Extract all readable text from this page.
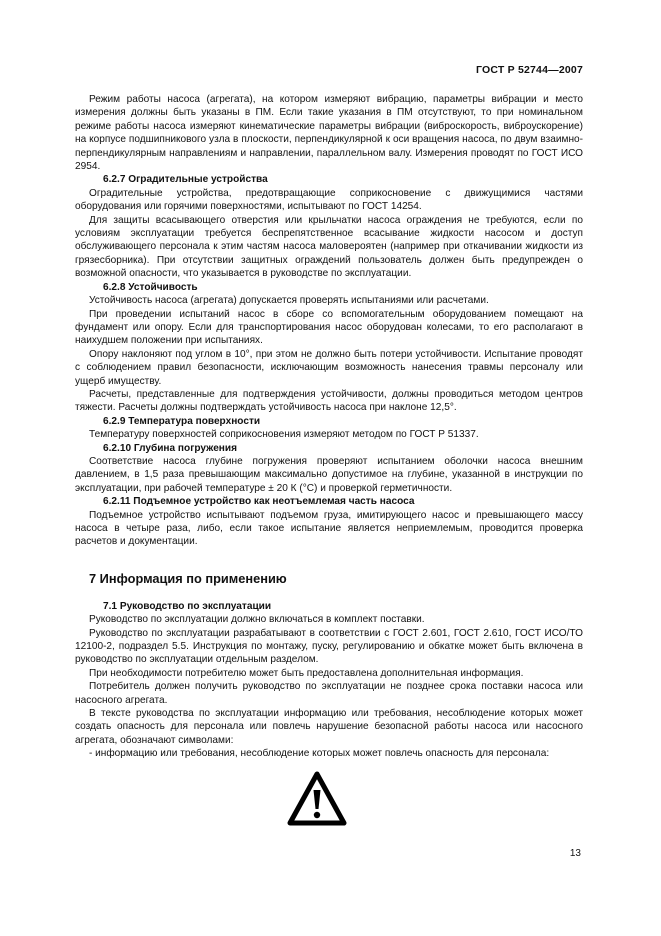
ГОСТ Р 52744—2007

Режим работы насоса (агрегата), на котором измеряют вибрацию, параметры вибрации и место измерения должны быть указаны в ПМ. Если такие указания в ПМ отсутствуют, то при номинальном режиме работы насоса измеряют кинематические параметры вибрации (виброскорость, виброускорение) на корпусе подшипникового узла в плоскости, перпендикулярной к оси вращения насоса, по двум взаимно-перпендикулярным направлениям и направлении, параллельном валу. Измерения проводят по ГОСТ ИСО 2954.

6.2.7 Оградительные устройства

Оградительные устройства, предотвращающие соприкосновение с движущимися частями оборудования или горячими поверхностями, испытывают по ГОСТ 14254.

Для защиты всасывающего отверстия или крыльчатки насоса ограждения не требуются, если по условиям эксплуатации требуется беспрепятственное всасывание жидкости насосом и доступ обслуживающего персонала к этим частям насоса маловероятен (например при откачивании жидкости из грязесборника). При отсутствии защитных ограждений пользователь должен быть предупрежден о возможной опасности, что указывается в руководстве по эксплуатации.

6.2.8 Устойчивость

Устойчивость насоса (агрегата) допускается проверять испытаниями или расчетами.

При проведении испытаний насос в сборе со вспомогательным оборудованием помещают на фундамент или опору. Если для транспортирования насос оборудован колесами, то его располагают в наихудшем положении при испытаниях.

Опору наклоняют под углом в 10°, при этом не должно быть потери устойчивости. Испытание проводят с соблюдением правил безопасности, исключающим возможность нанесения травмы персоналу или ущерб имуществу.

Расчеты, представленные для подтверждения устойчивости, должны проводиться методом центров тяжести. Расчеты должны подтверждать устойчивость насоса при наклоне 12,5°.

6.2.9 Температура поверхности

Температуру поверхностей соприкосновения измеряют методом по ГОСТ Р 51337.

6.2.10 Глубина погружения

Соответствие насоса глубине погружения проверяют испытанием оболочки насоса внешним давлением, в 1,5 раза превышающим максимально допустимое на глубине, указанной в инструкции по эксплуатации, при рабочей температуре ± 20 К (°С) и проверкой герметичности.

6.2.11 Подъемное устройство как неотъемлемая часть насоса

Подъемное устройство испытывают подъемом груза, имитирующего насос и превышающего массу насоса в четыре раза, либо, если такое испытание является неприемлемым, проводится проверка расчетов и документации.

7 Информация по применению

7.1 Руководство по эксплуатации

Руководство по эксплуатации должно включаться в комплект поставки.

Руководство по эксплуатации разрабатывают в соответствии с ГОСТ 2.601, ГОСТ 2.610, ГОСТ ИСО/ТО 12100-2, подраздел 5.5. Инструкция по монтажу, пуску, регулированию и обкатке может быть включена в руководство по эксплуатации отдельным разделом.

При необходимости потребителю может быть предоставлена дополнительная информация.

Потребитель должен получить руководство по эксплуатации не позднее срока поставки насоса или насосного агрегата.

В тексте руководства по эксплуатации информацию или требования, несоблюдение которых может создать опасность для персонала или повлечь нарушение безопасной работы насоса или насосного агрегата, обозначают символами:

- информацию или требования, несоблюдение которых может повлечь опасность для персонала:

13
